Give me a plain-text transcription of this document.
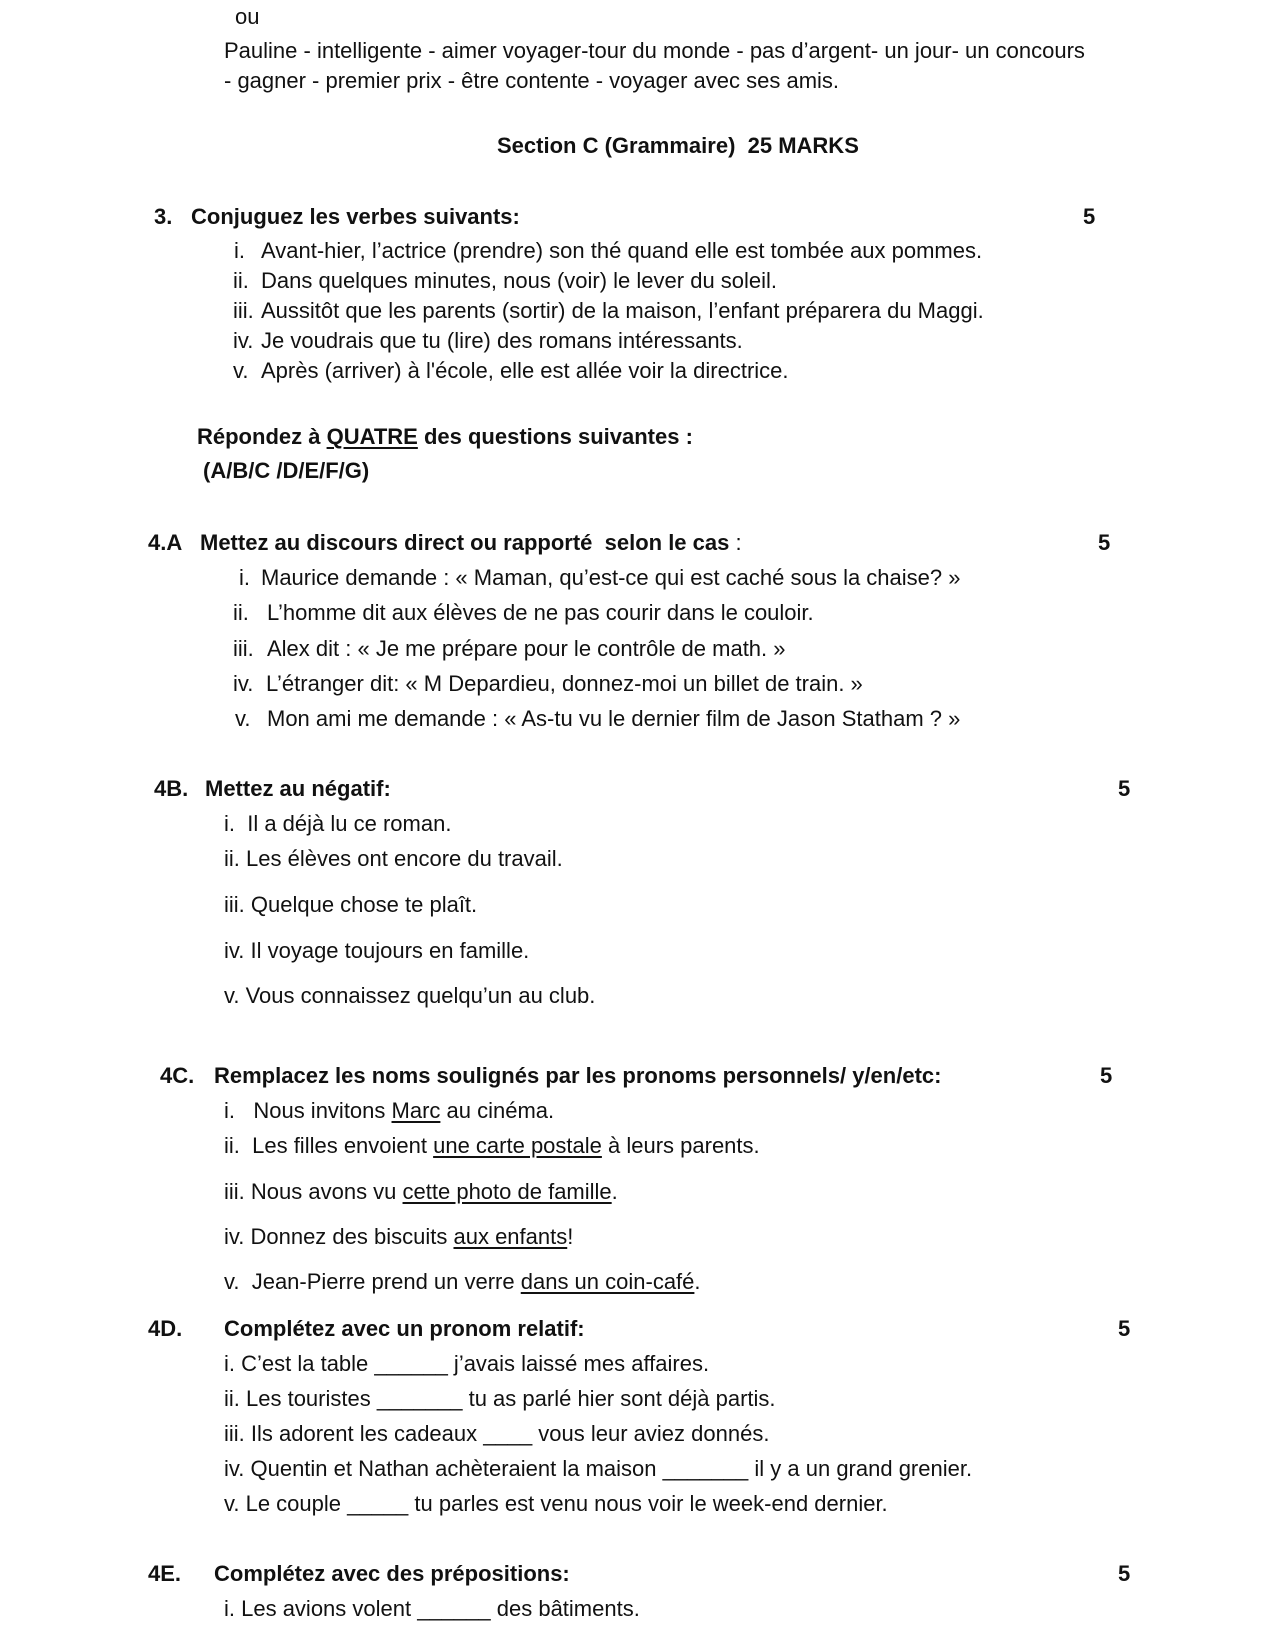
ou
Pauline - intelligente - aimer voyager-tour du monde - pas d’argent- un jour- un concours
- gagner - premier prix - être contente - voyager avec ses amis.
Section C (Grammaire)  25 MARKS
3. Conjuguez les verbes suivants:	5
i. Avant-hier, l’actrice (prendre) son thé quand elle est tombée aux pommes.
ii. Dans quelques minutes, nous (voir) le lever du soleil.
iii. Aussitôt que les parents (sortir) de la maison, l’enfant préparera du Maggi.
iv. Je voudrais que tu (lire) des romans intéressants.
v. Après (arriver) à l'école, elle est allée voir la directrice.
Répondez à QUATRE des questions suivantes :
(A/B/C /D/E/F/G)
4.A Mettez au discours direct ou rapporté  selon le cas :	5
i. Maurice demande : « Maman, qu’est-ce qui est caché sous la chaise? »
ii. L’homme dit aux élèves de ne pas courir dans le couloir.
iii. Alex dit : « Je me prépare pour le contrôle de math. »
iv. L’étranger dit: « M Depardieu, donnez-moi un billet de train. »
v. Mon ami me demande : « As-tu vu le dernier film de Jason Statham ? »
4B. Mettez au négatif:	5
i.  Il a déjà lu ce roman.
ii. Les élèves ont encore du travail.
iii. Quelque chose te plaît.
iv. Il voyage toujours en famille.
v. Vous connaissez quelqu’un au club.
4C. Remplacez les noms soulignés par les pronoms personnels/ y/en/etc:	5
i.   Nous invitons Marc au cinéma.
ii.  Les filles envoient une carte postale à leurs parents.
iii. Nous avons vu cette photo de famille.
iv. Donnez des biscuits aux enfants!
v.  Jean-Pierre prend un verre dans un coin-café.
4D. Complétez avec un pronom relatif:	5
i. C’est la table ______ j’avais laissé mes affaires.
ii. Les touristes _______ tu as parlé hier sont déjà partis.
iii. Ils adorent les cadeaux ____ vous leur aviez donnés.
iv. Quentin et Nathan achèteraient la maison _______ il y a un grand grenier.
v. Le couple _____ tu parles est venu nous voir le week-end dernier.
4E. Complétez avec des prépositions:	5
i. Les avions volent ______ des bâtiments.
